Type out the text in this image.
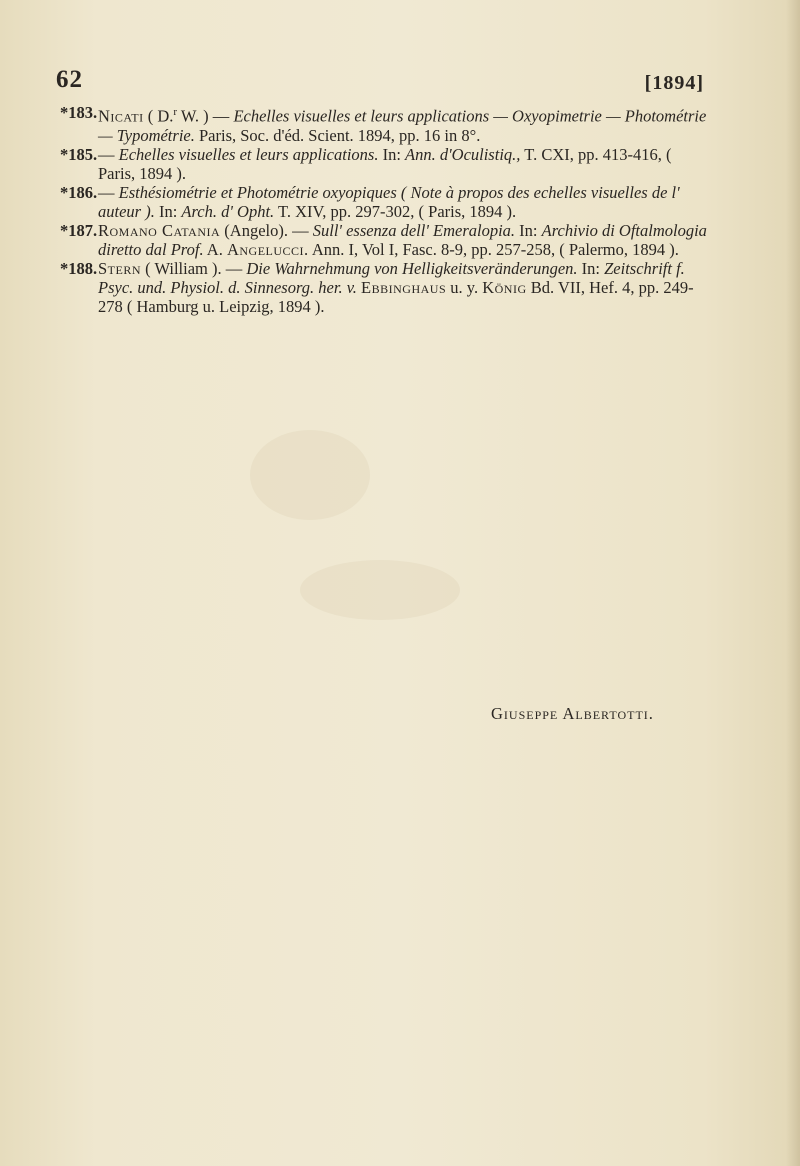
62	[1894]

*183. Nicati ( D.$^r$ W. ) — Echelles visuelles et leurs applications — Oxyopimetrie — Photométrie — Typométrie. Paris, Soc. d'éd. Scient. 1894, pp. 16 in 8°.

*185. — Echelles visuelles et leurs applications. In: Ann. d'Oculistiq., T. CXI, pp. 413-416, ( Paris, 1894 ).

*186. — Esthésiométrie et Photométrie oxyopiques ( Note à propos des echelles visuelles de l' auteur ). In: Arch. d' Opht. T. XIV, pp. 297-302, ( Paris, 1894 ).

*187. Romano Catania (Angelo). — Sull' essenza dell' Emeralopia. In: Archivio di Oftalmologia diretto dal Prof. A. Angelucci. Ann. I, Vol I, Fasc. 8-9, pp. 257-258, ( Palermo, 1894 ).

*188. Stern ( William ). — Die Wahrnehmung von Helligkeitsveränderungen. In: Zeitschrift f. Psyc. und. Physiol. d. Sinnesorg. her. v. Ebbinghaus u. y. König Bd. VII, Hef. 4, pp. 249-278 ( Hamburg u. Leipzig, 1894 ).

Giuseppe Albertotti.
